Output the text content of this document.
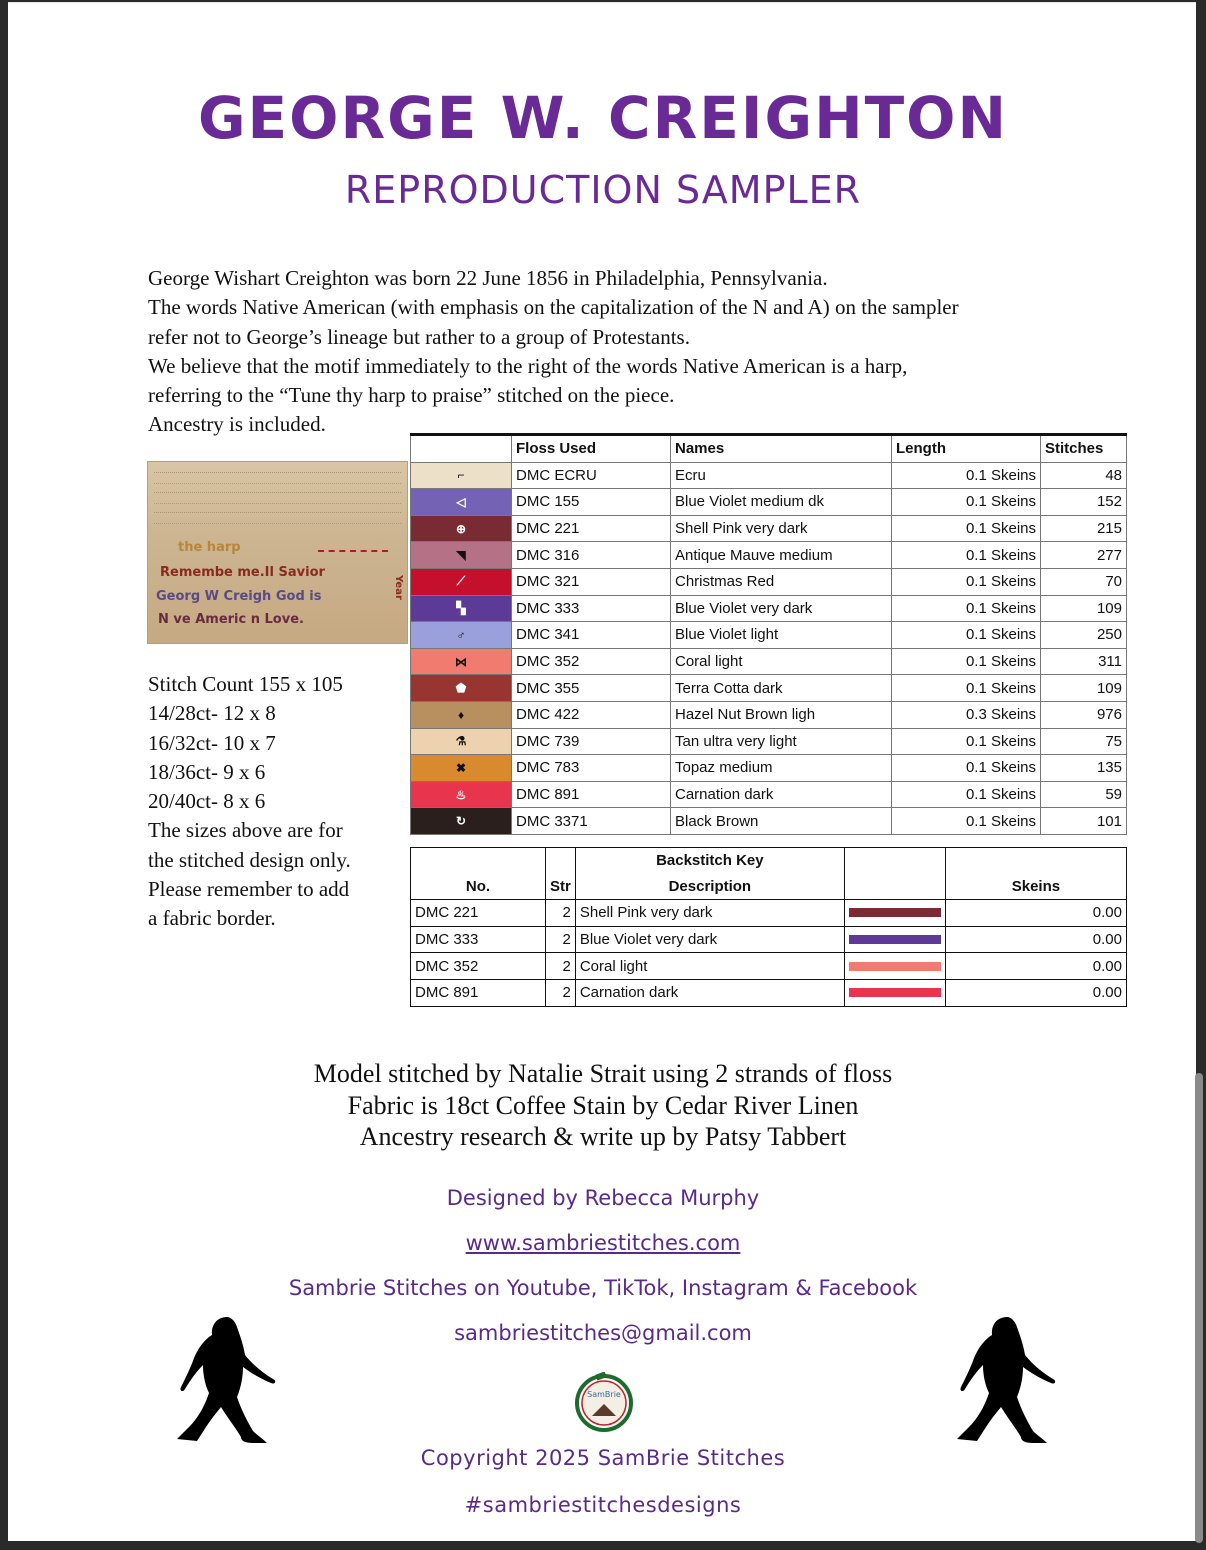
GEORGE W. CREIGHTON
REPRODUCTION SAMPLER
George Wishart Creighton was born 22 June 1856 in Philadelphia, Pennsylvania.
The words Native American (with emphasis on the capitalization of the N and A) on the sampler
refer not to George’s lineage but rather to a group of Protestants.
We believe that the motif immediately to the right of the words Native American is a harp,
referring to the “Tune thy harp to praise” stitched on the piece.
Ancestry is included.
the harp
Remembe me.Il Savior
Georg W Creigh God is
N ve Americ n Love.
Year
Stitch Count 155 x 105
14/28ct- 12 x 8
16/32ct- 10 x 7
18/36ct- 9 x 6
20/40ct- 8 x 6
The sizes above are for
the stitched design only.
Please remember to add
a fabric border.
	Floss Used	Names	Length	Stitches
⌐	DMC ECRU	Ecru	0.1 Skeins	48
◁	DMC 155	Blue Violet medium dk	0.1 Skeins	152
⊕	DMC 221	Shell Pink very dark	0.1 Skeins	215
◥	DMC 316	Antique Mauve medium	0.1 Skeins	277
⟋	DMC 321	Christmas Red	0.1 Skeins	70
▚	DMC 333	Blue Violet very dark	0.1 Skeins	109
♂	DMC 341	Blue Violet light	0.1 Skeins	250
⋈	DMC 352	Coral light	0.1 Skeins	311
⬟	DMC 355	Terra Cotta dark	0.1 Skeins	109
♦	DMC 422	Hazel Nut Brown ligh	0.3 Skeins	976
⚗	DMC 739	Tan ultra very light	0.1 Skeins	75
✖	DMC 783	Topaz medium	0.1 Skeins	135
♨	DMC 891	Carnation dark	0.1 Skeins	59
↻	DMC 3371	Black Brown	0.1 Skeins	101
		Backstitch Key		
No.	Str	Description		Skeins
DMC 221	2	Shell Pink very dark		0.00
DMC 333	2	Blue Violet very dark		0.00
DMC 352	2	Coral light		0.00
DMC 891	2	Carnation dark		0.00
Model stitched by Natalie Strait using 2 strands of floss
Fabric is 18ct Coffee Stain by Cedar River Linen
Ancestry research & write up by Patsy Tabbert
Designed by Rebecca Murphy
www.sambriestitches.com
Sambrie Stitches on Youtube, TikTok, Instagram & Facebook
sambriestitches@gmail.com
SamBrie
Copyright 2025 SamBrie Stitches
#sambriestitchesdesigns
